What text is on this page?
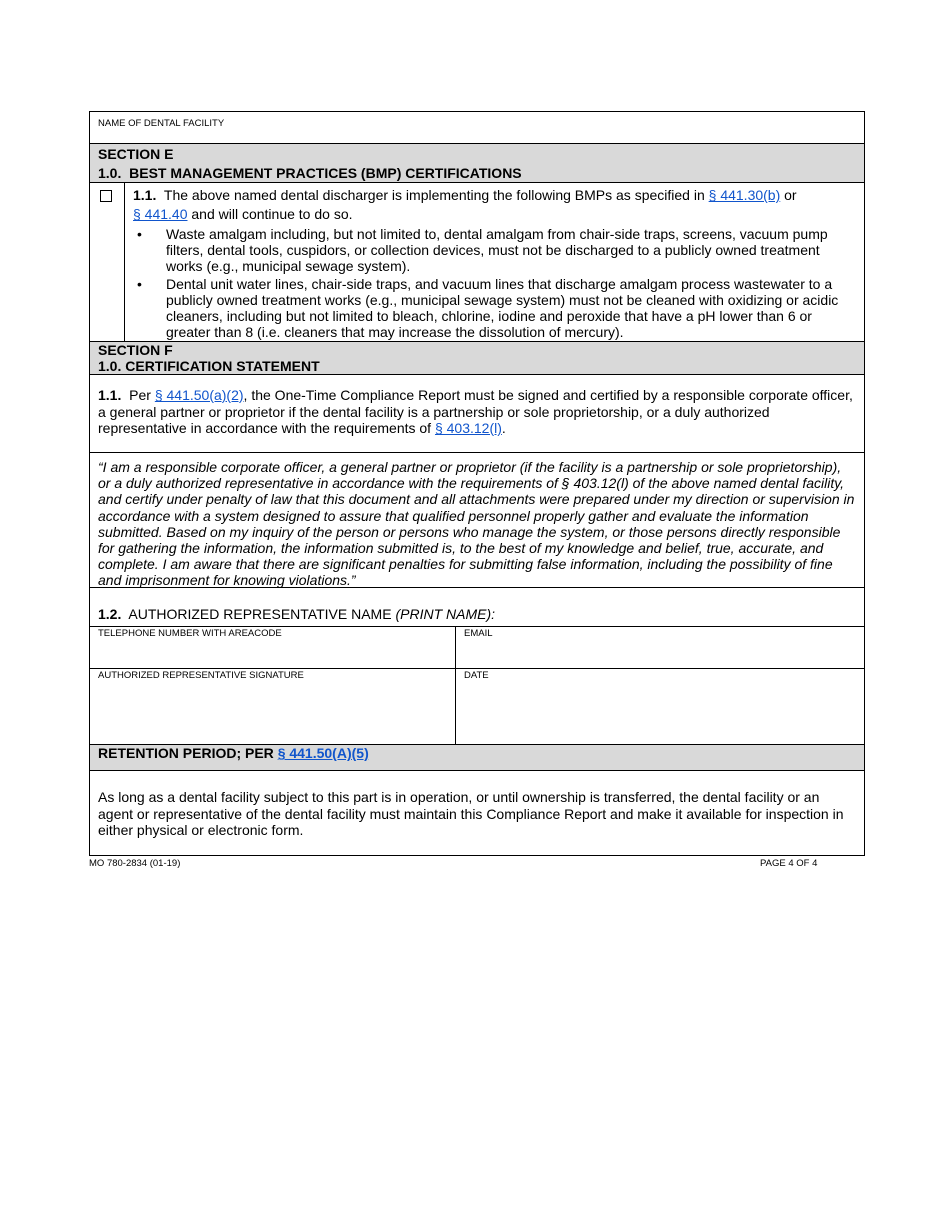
NAME OF DENTAL FACILITY
SECTION E
1.0.  BEST MANAGEMENT PRACTICES (BMP) CERTIFICATIONS
1.1. The above named dental discharger is implementing the following BMPs as specified in § 441.30(b) or
§ 441.40 and will continue to do so.
• Waste amalgam including, but not limited to, dental amalgam from chair-side traps, screens, vacuum pump filters, dental tools, cuspidors, or collection devices, must not be discharged to a publicly owned treatment works (e.g., municipal sewage system).
• Dental unit water lines, chair-side traps, and vacuum lines that discharge amalgam process wastewater to a publicly owned treatment works (e.g., municipal sewage system) must not be cleaned with oxidizing or acidic cleaners, including but not limited to bleach, chlorine, iodine and peroxide that have a pH lower than 6 or greater than 8 (i.e. cleaners that may increase the dissolution of mercury).
SECTION F
1.0. CERTIFICATION STATEMENT
1.1. Per § 441.50(a)(2), the One-Time Compliance Report must be signed and certified by a responsible corporate officer, a general partner or proprietor if the dental facility is a partnership or sole proprietorship, or a duly authorized representative in accordance with the requirements of § 403.12(l).
“I am a responsible corporate officer, a general partner or proprietor (if the facility is a partnership or sole proprietorship), or a duly authorized representative in accordance with the requirements of § 403.12(l) of the above named dental facility, and certify under penalty of law that this document and all attachments were prepared under my direction or supervision in accordance with a system designed to assure that qualified personnel properly gather and evaluate the information submitted. Based on my inquiry of the person or persons who manage the system, or those persons directly responsible for gathering the information, the information submitted is, to the best of my knowledge and belief, true, accurate, and complete. I am aware that there are significant penalties for submitting false information, including the possibility of fine and imprisonment for knowing violations.”
1.2. AUTHORIZED REPRESENTATIVE NAME (PRINT NAME):
TELEPHONE NUMBER WITH AREACODE	EMAIL
AUTHORIZED REPRESENTATIVE SIGNATURE	DATE
RETENTION PERIOD; PER § 441.50(A)(5)
As long as a dental facility subject to this part is in operation, or until ownership is transferred, the dental facility or an agent or representative of the dental facility must maintain this Compliance Report and make it available for inspection in either physical or electronic form.
MO 780-2834 (01-19)	PAGE 4 OF 4
